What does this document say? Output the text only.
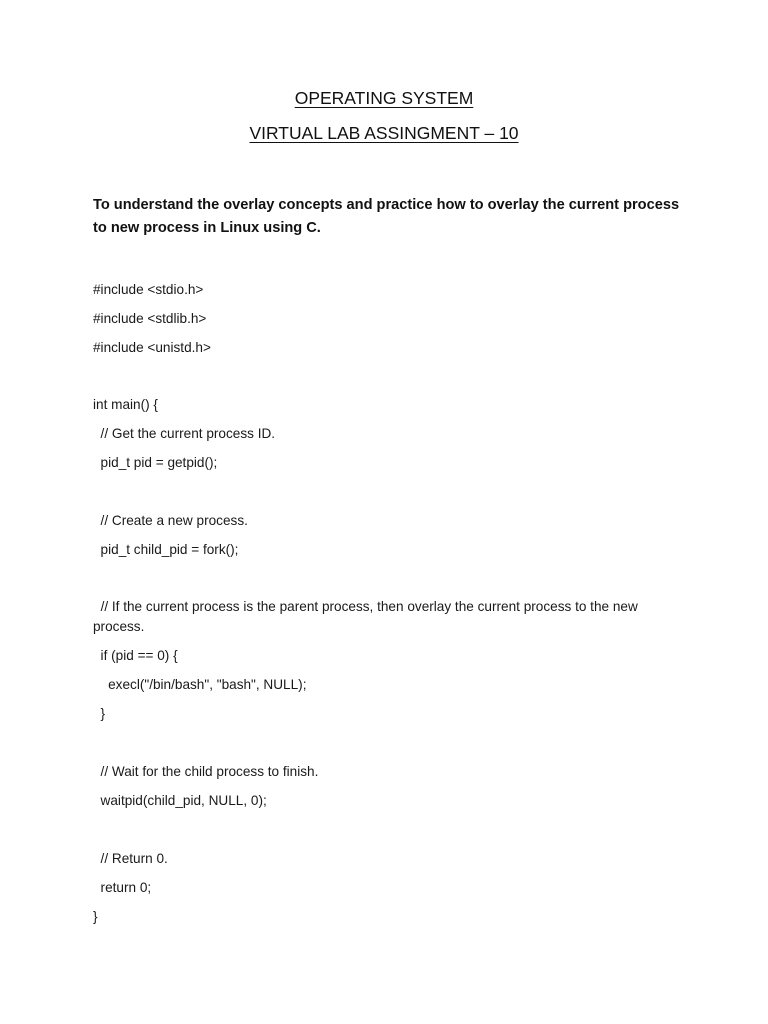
OPERATING SYSTEM
VIRTUAL LAB ASSINGMENT – 10
To understand the overlay concepts and practice how to overlay the current process to new process in Linux using C.
#include <stdio.h>
#include <stdlib.h>
#include <unistd.h>
int main() {
// Get the current process ID.
pid_t pid = getpid();
// Create a new process.
pid_t child_pid = fork();
// If the current process is the parent process, then overlay the current process to the new process.
if (pid == 0) {
execl("/bin/bash", "bash", NULL);
}
// Wait for the child process to finish.
waitpid(child_pid, NULL, 0);
// Return 0.
return 0;
}
